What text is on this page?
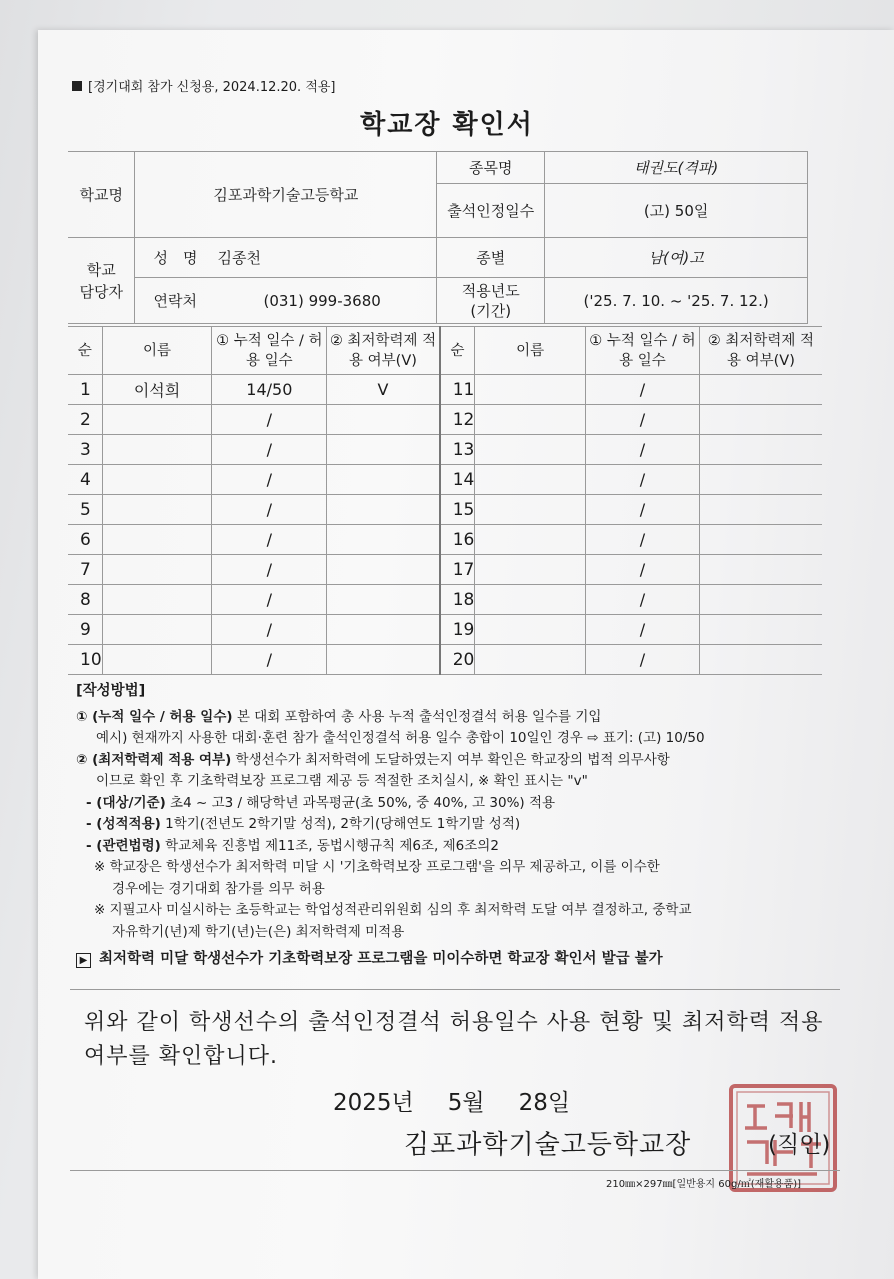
[경기대회 참가 신청용, 2024.12.20. 적용]
학교장 확인서
학교명	김포과학기술고등학교	종목명	태권도(격파)
		출석인정일수	(고) 50일
학교 담당자	성　명 김종천	종별	남(여)고
	연락처 (031) 999-3680	적용년도 (기간)	('25. 7. 10. ~ '25. 7. 12.)
순	이름	① 누적 일수 / 허용 일수	② 최저학력제 적용 여부(V)	순	이름	① 누적 일수 / 허용 일수	② 최저학력제 적용 여부(V)
1	이석희	14/50	V	11		/	
2		/		12		/	
3		/		13		/	
4		/		14		/	
5		/		15		/	
6		/		16		/	
7		/		17		/	
8		/		18		/	
9		/		19		/	
10		/		20		/	

[작성방법]

① (누적 일수 / 허용 일수) 본 대회 포함하여 총 사용 누적 출석인정결석 허용 일수를 기입

예시) 현재까지 사용한 대회·훈련 참가 출석인정결석 허용 일수 총합이 10일인 경우 ⇨ 표기: (고) 10/50

② (최저학력제 적용 여부) 학생선수가 최저학력에 도달하였는지 여부 확인은 학교장의 법적 의무사항

이므로 확인 후 기초학력보장 프로그램 제공 등 적절한 조치실시, ※ 확인 표시는 "v"

- (대상/기준) 초4 ~ 고3 / 해당학년 과목평균(초 50%, 중 40%, 고 30%) 적용

- (성적적용) 1학기(전년도 2학기말 성적), 2학기(당해연도 1학기말 성적)

- (관련법령) 학교체육 진흥법 제11조, 동법시행규칙 제6조, 제6조의2

※ 학교장은 학생선수가 최저학력 미달 시 '기초학력보장 프로그램'을 의무 제공하고, 이를 이수한

경우에는 경기대회 참가를 의무 허용

※ 지필고사 미실시하는 초등학교는 학업성적관리위원회 심의 후 최저학력 도달 여부 결정하고, 중학교

자유학기(년)제 학기(년)는(은) 최저학력제 미적용

▶ 최저학력 미달 학생선수가 기초학력보장 프로그램을 미이수하면 학교장 확인서 발급 불가

위와 같이 학생선수의 출석인정결석 허용일수 사용 현황 및 최저학력 적용 여부를 확인합니다.
2025년 5월 28일
김포과학기술고등학교장	(직인)
210㎜×297㎜[일반용지 60g/㎡(재활용품)]
